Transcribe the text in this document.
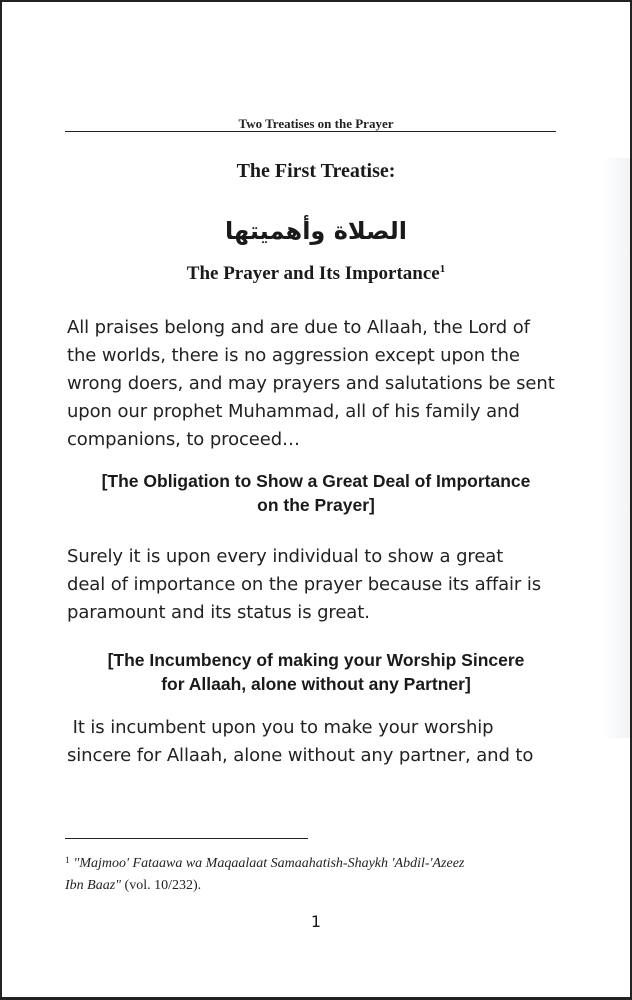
Two Treatises on the Prayer
The First Treatise:
الصلاة وأهميتها
The Prayer and Its Importance$^1$
All praises belong and are due to Allaah, the Lord of
the worlds, there is no aggression except upon the
wrong doers, and may prayers and salutations be sent
upon our prophet Muhammad, all of his family and
companions, to proceed…
[The Obligation to Show a Great Deal of Importance
on the Prayer]
Surely it is upon every individual to show a great
deal of importance on the prayer because its affair is
paramount and its status is great.
[The Incumbency of making your Worship Sincere
for Allaah, alone without any Partner]
It is incumbent upon you to make your worship
sincere for Allaah, alone without any partner, and to
$^1$ "Majmoo' Fataawa wa Maqaalaat Samaahatish-Shaykh 'Abdil-'Azeez
Ibn Baaz" (vol. 10/232).
1
